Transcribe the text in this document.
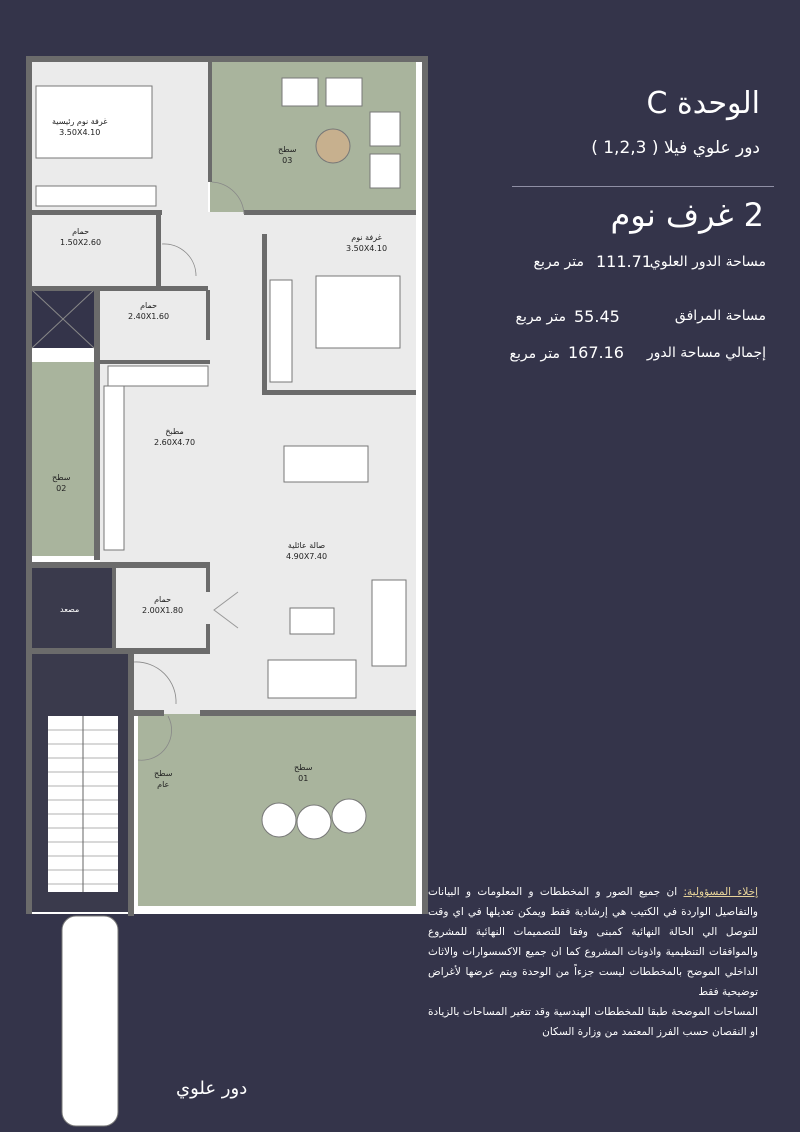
غرفة نوم رئيسية
3.50X4.10
سطح
03
حمام
1.50X2.60
غرفة نوم
3.50X4.10
حمام
2.40X1.60
مطبخ
2.60X4.70
سطح
02
صالة عائلية
4.90X7.40
مصعد
حمام
2.00X1.80
سطح
01
سطح
عام
الوحدة C
دور علوي فيلا ( 1,2,3 )
2 غرف نوم
مساحة الدور العلوي
111.71
متر مربع
مساحة المرافق
55.45
متر مربع
إجمالي مساحة الدور
167.16
متر مربع
إخلاء المسؤولية: ان جميع الصور و المخططات و المعلومات و البيانات والتفاصيل الواردة في الكتيب هي إرشادية فقط ويمكن تعديلها في اي وقت للتوصل الي الحالة النهائية كمبنى وفقا للتصميمات النهائية للمشروع والموافقات التنظيمية واذونات المشروع كما ان جميع الاكسسوارات والاثاث الداخلي الموضح بالمخططات ليست جزءاً من الوحدة ويتم عرضها لأغراض توضيحية فقط
المساحات الموضحة طبقا للمخططات الهندسية وقد تتغير المساحات بالزيادة او النقصان حسب الفرز المعتمد من وزارة السكان
دور علوي
